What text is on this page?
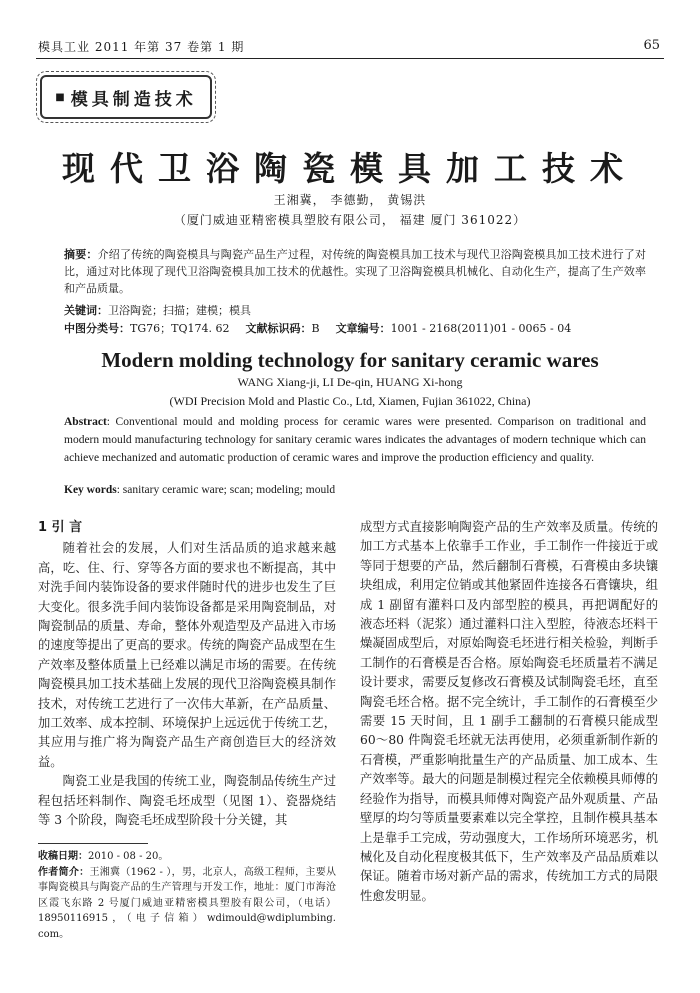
模具工业 2011 年第 37 卷第 1 期	65
■ 模具制造技术
现代卫浴陶瓷模具加工技术
王湘冀， 李德勤， 黄锡洪
（厦门威迪亚精密模具塑胶有限公司， 福建 厦门 361022）
摘要：介绍了传统的陶瓷模具与陶瓷产品生产过程，对传统的陶瓷模具加工技术与现代卫浴陶瓷模具加工技术进行了对比，通过对比体现了现代卫浴陶瓷模具加工技术的优越性。实现了卫浴陶瓷模具机械化、自动化生产，提高了生产效率和产品质量。
关键词：卫浴陶瓷；扫描；建模；模具
中图分类号：TG76；TQ174. 62 文献标识码：B 文章编号：1001 - 2168(2011)01 - 0065 - 04
Modern molding technology for sanitary ceramic wares
WANG Xiang-ji, LI De-qin, HUANG Xi-hong
(WDI Precision Mold and Plastic Co., Ltd, Xiamen, Fujian 361022, China)
Abstract: Conventional mould and molding process for ceramic wares were presented. Comparison on traditional and modern mould manufacturing technology for sanitary ceramic wares indicates the advantages of modern technique which can achieve mechanized and automatic production of ceramic wares and improve the production efficiency and quality.
Key words: sanitary ceramic ware; scan; modeling; mould
1 引 言

随着社会的发展，人们对生活品质的追求越来越高，吃、住、行、穿等各方面的要求也不断提高，其中对洗手间内装饰设备的要求伴随时代的进步也发生了巨大变化。很多洗手间内装饰设备都是采用陶瓷制品，对陶瓷制品的质量、寿命，整体外观造型及产品进入市场的速度等提出了更高的要求。传统的陶瓷产品成型在生产效率及整体质量上已经难以满足市场的需要。在传统陶瓷模具加工技术基础上发展的现代卫浴陶瓷模具制作技术，对传统工艺进行了一次伟大革新，在产品质量、加工效率、成本控制、环境保护上远远优于传统工艺，其应用与推广将为陶瓷产品生产商创造巨大的经济效益。

陶瓷工业是我国的传统工业，陶瓷制品传统生产过程包括坯料制作、陶瓷毛坯成型（见图 1）、瓷器烧结等 3 个阶段，陶瓷毛坯成型阶段十分关键，其

成型方式直接影响陶瓷产品的生产效率及质量。传统的加工方式基本上依靠手工作业，手工制作一件接近于或等同于想要的产品，然后翻制石膏模，石膏模由多块镶块组成，利用定位销或其他紧固件连接各石膏镶块，组成 1 副留有灌料口及内部型腔的模具，再把调配好的液态坯料（泥浆）通过灌料口注入型腔，待液态坯料干燥凝固成型后，对原始陶瓷毛坯进行相关检验，判断手工制作的石膏模是否合格。原始陶瓷毛坯质量若不满足设计要求，需要反复修改石膏模及试制陶瓷毛坯，直至陶瓷毛坯合格。据不完全统计，手工制作的石膏模至少需要 15 天时间，且 1 副手工翻制的石膏模只能成型 60～80 件陶瓷毛坯就无法再使用，必须重新制作新的石膏模，严重影响批量生产的产品质量、加工成本、生产效率等。最大的问题是制模过程完全依赖模具师傅的经验作为指导，而模具师傅对陶瓷产品外观质量、产品壁厚的均匀等质量要素难以完全掌控，且制作模具基本上是靠手工完成，劳动强度大，工作场所环境恶劣，机械化及自动化程度极其低下，生产效率及产品品质难以保证。随着市场对新产品的需求，传统加工方式的局限性愈发明显。

收稿日期：2010 - 08 - 20。
作者简介：王湘冀（1962 - ），男，北京人，高级工程师，主要从事陶瓷模具与陶瓷产品的生产管理与开发工作，地址：厦门市海沧区霞飞东路 2 号厦门威迪亚精密模具塑胶有限公司，（电话）18950116915，（电子信箱）wdimould@wdiplumbing. com。
